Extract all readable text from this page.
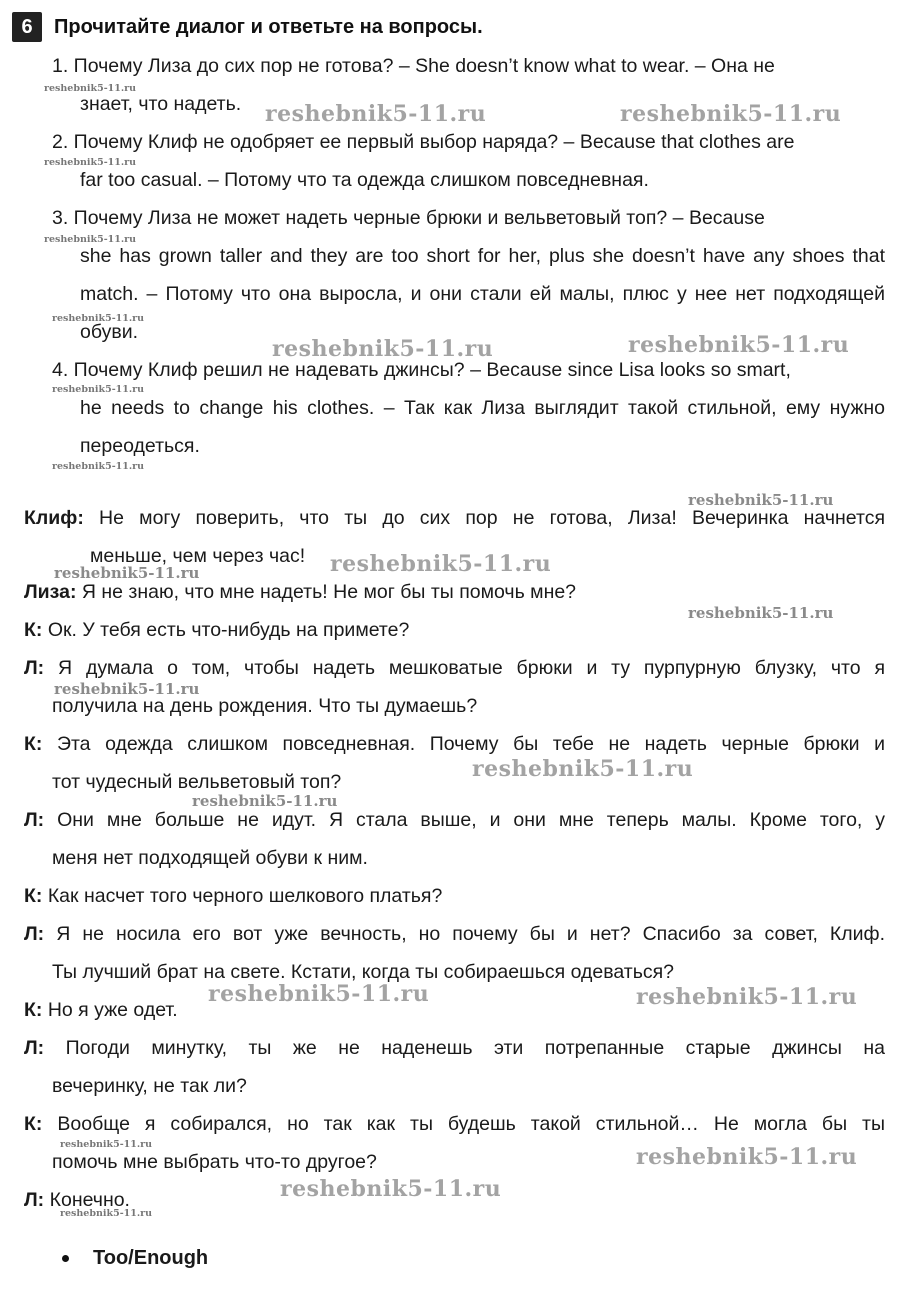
6	Прочитайте диалог и ответьте на вопросы.

1. Почему Лиза до сих пор не готова? – She doesn’t know what to wear. – Она не
знает, что надеть.

2. Почему Клиф не одобряет ее первый выбор наряда? – Because that clothes are
far too casual. – Потому что та одежда слишком повседневная.

3. Почему Лиза не может надеть черные брюки и вельветовый топ? – Because
she has grown taller and they are too short for her, plus she doesn’t have any shoes that match. – Потому что она выросла, и они стали ей малы, плюс у нее нет подходящей обуви.

4. Почему Клиф решил не надевать джинсы? – Because since Lisa looks so smart,
he needs to change his clothes. – Так как Лиза выглядит такой стильной, ему нужно переодеться.

Клиф: Не могу поверить, что ты до сих пор не готова, Лиза! Вечеринка начнется
меньше, чем через час!
Лиза: Я не знаю, что мне надеть! Не мог бы ты помочь мне?
К: Ок. У тебя есть что-нибудь на примете?
Л: Я думала о том, чтобы надеть мешковатые брюки и ту пурпурную блузку, что я
получила на день рождения. Что ты думаешь?
К: Эта одежда слишком повседневная. Почему бы тебе не надеть черные брюки и
тот чудесный вельветовый топ?
Л: Они мне больше не идут. Я стала выше, и они мне теперь малы. Кроме того, у
меня нет подходящей обуви к ним.
К: Как насчет того черного шелкового платья?
Л: Я не носила его вот уже вечность, но почему бы и нет? Спасибо за совет, Клиф.
Ты лучший брат на свете. Кстати, когда ты собираешься одеваться?
К: Но я уже одет.
Л: Погоди минутку, ты же не наденешь эти потрепанные старые джинсы на
вечеринку, не так ли?
К: Вообще я собирался, но так как ты будешь такой стильной… Не могла бы ты
помочь мне выбрать что-то другое?
Л: Конечно.
Too/Enough
reshebnik5-11.ru	reshebnik5-11.ru
reshebnik5-11.ru	reshebnik5-11.ru
reshebnik5-11.ru
reshebnik5-11.ru
reshebnik5-11.ru	reshebnik5-11.ru
reshebnik5-11.ru
reshebnik5-11.ru
reshebnik5-11.ru
reshebnik5-11.ru
reshebnik5-11.ru
reshebnik5-11.ru
reshebnik5-11.ru
reshebnik5-11.ru
reshebnik5-11.ru
reshebnik5-11.ru
reshebnik5-11.ru
reshebnik5-11.ru
reshebnik5-11.ru
reshebnik5-11.ru
reshebnik5-11.ru
